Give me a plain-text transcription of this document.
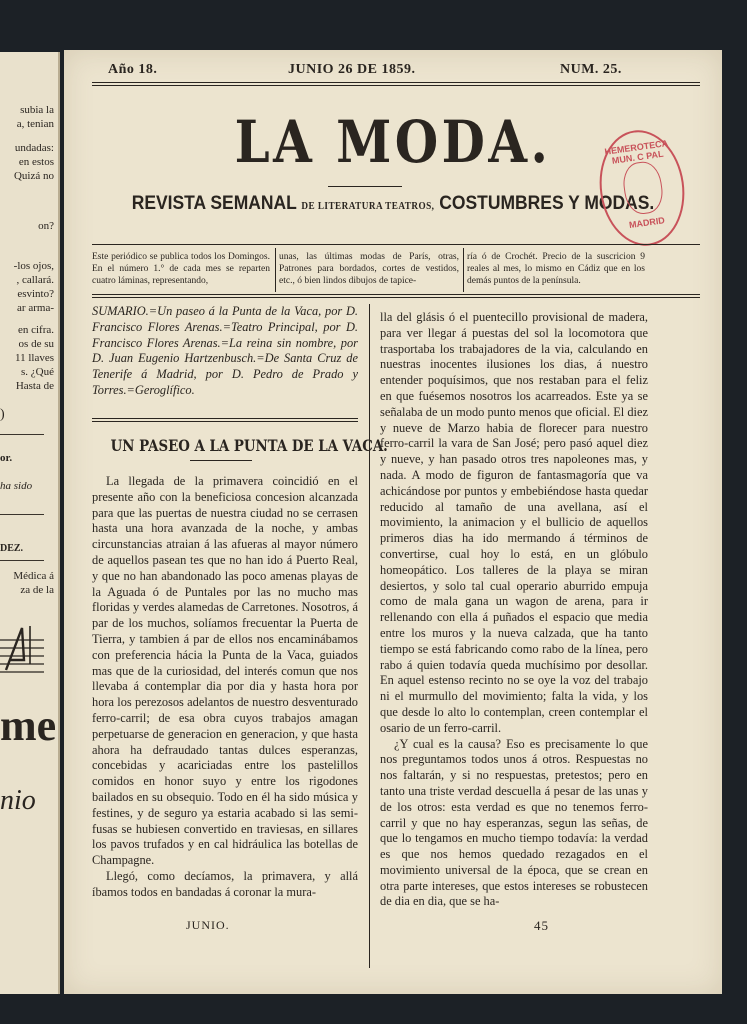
subia la
a, tenian
undadas:
en estos
Quizá no
on?
-los ojos,
, callará.
esvinto?
ar arma-
en cifra.
os de su
11 llaves
s. ¿Qué
Hasta de
)
or.
ha sido
DEZ.
Médica á
za de la
me
nio
Año 18.	JUNIO 26 DE 1859.	NUM. 25.
LA MODA.
REVISTA SEMANAL DE LITERATURA TEATROS, COSTUMBRES Y MODAS.
HEMEROTECA MUN. C PAL
MADRID
Este periódico se publica todos los Domingos. En el número 1.° de cada mes se reparten cuatro láminas, representando,
unas, las últimas modas de París, otras, Patrones para bordados, cortes de vestidos, etc., ó bien lindos dibujos de tapice-
ría ó de Crochét. Precio de la suscricion 9 reales al mes, lo mismo en Cádiz que en los demás puntos de la península.
SUMARIO.=Un paseo á la Punta de la Vaca, por D. Francisco Flores Arenas.=Teatro Principal, por D. Francisco Flores Arenas.=La reina sin nombre, por D. Juan Eugenio Hartzenbusch.=De Santa Cruz de Tenerife á Madrid, por D. Pedro de Prado y Torres.=Geroglífico.
UN PASEO A LA PUNTA DE LA VACA.

La llegada de la primavera coincidió en el presente año con la beneficiosa concesion alcanzada para que las puertas de nuestra ciudad no se cerrasen hasta una hora avanzada de la noche, y ambas circunstancias atraian á las afueras al mayor número de aquellos pasean tes que no han ido á Puerto Real, y que no han abandonado las poco amenas playas de la Aguada ó de Puntales por las no mucho mas floridas y verdes alamedas de Carretones. Nosotros, á par de los muchos, solíamos frecuentar la Puerta de Tierra, y tambien á par de ellos nos encaminábamos con preferencia hácia la Punta de la Vaca, guiados mas que de la curiosidad, del interés comun que nos llevaba á contemplar dia por dia y hasta hora por hora los perezosos adelantos de nuestro desventurado ferro-carril; de esa obra cuyos trabajos amagan perpetuarse de generacion en generacion, y que hasta ahora ha defraudado tantas dulces esperanzas, concebidas y acariciadas entre los pastelillos comidos en honor suyo y entre los rigodones bailados en su obsequio. Todo en él ha sido música y festines, y de seguro ya estaria acabado si las semi-fusas se hubiesen convertido en traviesas, en sillares los pavos trufados y en cal hidráulica las botellas de Champagne.

Llegó, como decíamos, la primavera, y allá íbamos todos en bandadas á coronar la mura-

lla del glásis ó el puentecillo provisional de madera, para ver llegar á puestas del sol la locomotora que trasportaba los trabajadores de la via, calculando en nuestras inocentes ilusiones los dias, á nuestro entender poquísimos, que nos restaban para el feliz en que fuésemos nosotros los acarreados. Este ya se señalaba de un modo punto menos que oficial. El diez y nueve de Marzo habia de florecer para nuestro ferro-carril la vara de San José; pero pasó aquel diez y nueve, y han pasado otros tres napoleones mas, y nada. A modo de figuron de fantasmagoría que va achicándose por puntos y embebiéndose hasta quedar reducido al tamaño de una avellana, así el movimiento, la animacion y el bullicio de aquellos primeros dias ha ido mermando á términos de convertirse, cual hoy lo está, en un glóbulo homeopático. Los talleres de la playa se miran desiertos, y solo tal cual operario aburrido empuja como de mala gana un wagon de arena, para ir rellenando con ella á puñados el espacio que media entre los muros y la nueva calzada, que ha tanto tiempo se está fabricando como rabo de la línea, pero rabo á quien todavía queda muchísimo por desollar. En aquel estenso recinto no se oye la voz del trabajo ni el murmullo del movimiento; falta la vida, y los que desde lo alto lo contemplan, creen contemplar el osario de un ferro-carril.

¿Y cual es la causa? Eso es precisamente lo que nos preguntamos todos unos á otros. Respuestas no nos faltarán, y si no respuestas, pretestos; pero en tanto una triste verdad descuella á pesar de las unas y de los otros: esta verdad es que no tenemos ferro-carril y que no hay esperanzas, segun las señas, de que lo tengamos en mucho tiempo todavía: la verdad es que nos hemos quedado rezagados en el movimiento universal de la época, que se crean en otra parte intereses, que estos intereses se robustecen de dia en dia, que se ha-

JUNIO.	45
